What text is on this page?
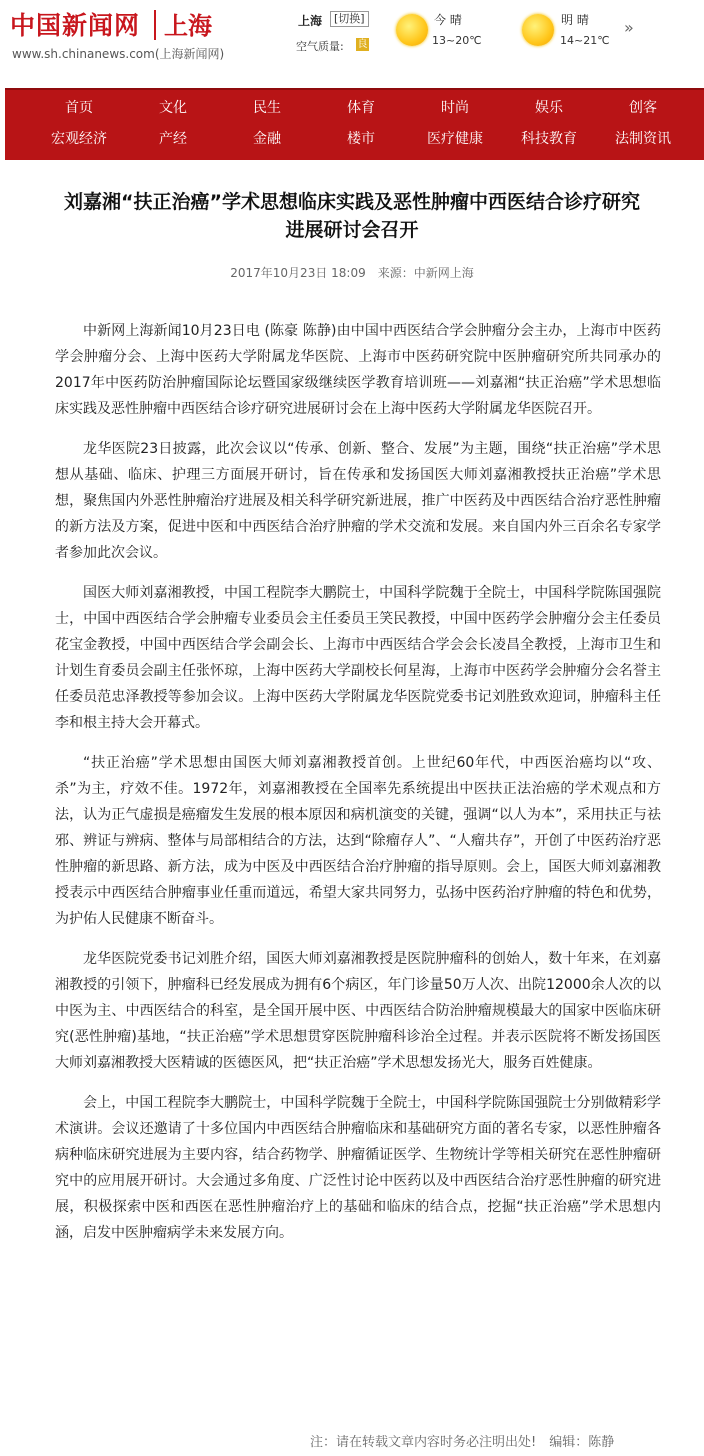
中国新闻网 上海
www.sh.chinanews.com(上海新闻网)
上海	[切换]
空气质量: 良
今 晴
13~20℃
明 晴
14~21℃
»
首页	文化	民生	体育	时尚	娱乐	创客
宏观经济	产经	金融	楼市	医疗健康	科技教育	法制资讯
刘嘉湘“扶正治癌”学术思想临床实践及恶性肿瘤中西医结合诊疗研究
进展研讨会召开
2017年10月23日 18:09　来源：中新网上海

中新网上海新闻10月23日电 (陈豪 陈静)由中国中西医结合学会肿瘤分会主办，上海市中医药学会肿瘤分会、上海中医药大学附属龙华医院、上海市中医药研究院中医肿瘤研究所共同承办的2017年中医药防治肿瘤国际论坛暨国家级继续医学教育培训班——刘嘉湘“扶正治癌”学术思想临床实践及恶性肿瘤中西医结合诊疗研究进展研讨会在上海中医药大学附属龙华医院召开。

龙华医院23日披露，此次会议以“传承、创新、整合、发展”为主题，围绕“扶正治癌”学术思想从基础、临床、护理三方面展开研讨，旨在传承和发扬国医大师刘嘉湘教授扶正治癌”学术思想，聚焦国内外恶性肿瘤治疗进展及相关科学研究新进展，推广中医药及中西医结合治疗恶性肿瘤的新方法及方案，促进中医和中西医结合治疗肿瘤的学术交流和发展。来自国内外三百余名专家学者参加此次会议。

国医大师刘嘉湘教授，中国工程院李大鹏院士，中国科学院魏于全院士，中国科学院陈国强院士，中国中西医结合学会肿瘤专业委员会主任委员王笑民教授，中国中医药学会肿瘤分会主任委员花宝金教授，中国中西医结合学会副会长、上海市中西医结合学会会长凌昌全教授，上海市卫生和计划生育委员会副主任张怀琼，上海中医药大学副校长何星海，上海市中医药学会肿瘤分会名誉主任委员范忠泽教授等参加会议。上海中医药大学附属龙华医院党委书记刘胜致欢迎词，肿瘤科主任李和根主持大会开幕式。

“扶正治癌”学术思想由国医大师刘嘉湘教授首创。上世纪60年代，中西医治癌均以“攻、杀”为主，疗效不佳。1972年，刘嘉湘教授在全国率先系统提出中医扶正法治癌的学术观点和方法，认为正气虚损是癌瘤发生发展的根本原因和病机演变的关键，强调“以人为本”，采用扶正与祛邪、辨证与辨病、整体与局部相结合的方法，达到“除瘤存人”、“人瘤共存”，开创了中医药治疗恶性肿瘤的新思路、新方法，成为中医及中西医结合治疗肿瘤的指导原则。会上，国医大师刘嘉湘教授表示中西医结合肿瘤事业任重而道远，希望大家共同努力，弘扬中医药治疗肿瘤的特色和优势，为护佑人民健康不断奋斗。

龙华医院党委书记刘胜介绍，国医大师刘嘉湘教授是医院肿瘤科的创始人，数十年来，在刘嘉湘教授的引领下，肿瘤科已经发展成为拥有6个病区，年门诊量50万人次、出院12000余人次的以中医为主、中西医结合的科室，是全国开展中医、中西医结合防治肿瘤规模最大的国家中医临床研究(恶性肿瘤)基地，“扶正治癌”学术思想贯穿医院肿瘤科诊治全过程。并表示医院将不断发扬国医大师刘嘉湘教授大医精诚的医德医风，把“扶正治癌”学术思想发扬光大，服务百姓健康。

会上，中国工程院李大鹏院士，中国科学院魏于全院士，中国科学院陈国强院士分别做精彩学术演讲。会议还邀请了十多位国内中西医结合肿瘤临床和基础研究方面的著名专家，以恶性肿瘤各病种临床研究进展为主要内容，结合药物学、肿瘤循证医学、生物统计学等相关研究在恶性肿瘤研究中的应用展开研讨。大会通过多角度、广泛性讨论中医药以及中西医结合治疗恶性肿瘤的研究进展，积极探索中医和西医在恶性肿瘤治疗上的基础和临床的结合点，挖掘“扶正治癌”学术思想内涵，启发中医肿瘤病学未来发展方向。

注：请在转载文章内容时务必注明出处!　编辑：陈静
